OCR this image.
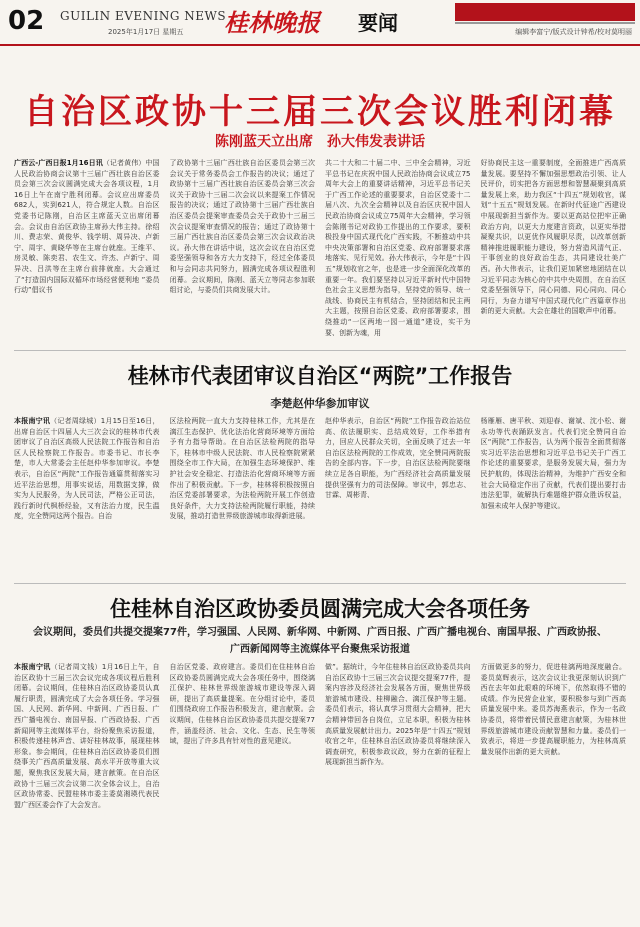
02 GUILIN EVENING NEWS
2025年1月17日 星期五 桂林晚报 要闻	编辑李富宁/版式设计钟希/校对莫明丽
自治区政协十三届三次会议胜利闭幕
陈刚蓝天立出席　孙大伟发表讲话

广西云-广西日报1月16日讯（记者黄伟）中国人民政治协商会议第十三届广西壮族自治区委员会第三次会议圆满完成大会各项议程，1月16日上午在南宁胜利闭幕。会议应出席委员682人，实到621人，符合规定人数。自治区党委书记陈刚，自治区主席蓝天立出席闭幕会。会议由自治区政协主席孙大伟主持。徐绍川、费志荣、黄俊华、钱学明、周异决、卢新宁、周宇、黄晓华等在主席台就座。王维平、房灵敏、陈奕君、农生文、许杰、卢新宁、周异决、吕洪等在主席台前排就座。大会通过了“打造国内国际双循环市场经营便利地 ”委员行动”倡议书

了政协第十三届广西壮族自治区委员会第三次会议关于常务委员会工作报告的决议；通过了政协第十三届广西壮族自治区委员会第三次会议关于政协十三届二次会议以来提案工作情况报告的决议；通过了政协第十三届广西壮族自治区委员会提案审查委员会关于政协十三届三次会议提案审查情况的报告；通过了政协第十三届广西壮族自治区委员会第三次会议政治决议。孙大伟在讲话中说，这次会议在自治区党委坚强领导和各方大力支持下，经过全体委员和与会同志共同努力，圆满完成各项议程胜利闭幕。会议期间，陈刚、蓝天立等同志参加联组讨论，与委员们共商发展大计。

共二十大和二十届二中、三中全会精神，习近平总书记在庆祝中国人民政治协商会议成立75周年大会上的重要讲话精神，习近平总书记关于广西工作论述的重要要求，自治区党委十二届八次、九次全会精神以及自治区庆祝中国人民政治协商会议成立75周年大会精神，学习领会陈刚书记对政协工作提出的工作要求，要积极投身中国式现代化广西实践，不断推动中共中央决策部署和自治区党委、政府部署要求落地落实、见行见效。孙大伟表示，今年是“十四五”规划收官之年，也是进一步全面深化改革的重要一年。我们要坚持以习近平新时代中国特色社会主义思想为指导，坚持党的领导、统一战线、协商民主有机结合，坚持团结和民主两大主题，按照自治区党委、政府部署要求，围绕推动“一区两地一园一通道”建设，实干为要、创新为魂，用

好协商民主这一重要制度，全面推进广西高质量发展。要坚持不懈加强思想政治引领、让人民评价，切实把各方面思想和智慧凝聚到高质量发展上来，助力我区“十四五”规划收官，谋划“十五五”规划发展。在新时代征途广西建设中展现新担当新作为。要以更高站位把牢正确政治方向，以更大力度建言资政，以更实举措凝聚共识，以更优作风履职尽责，以改革创新精神推进履职能力建设，努力营造风清气正、干事创业的良好政治生态，共同建设壮美广西。孙大伟表示，让我们更加紧密地团结在以习近平同志为核心的中共中央周围，在自治区党委坚强领导下，同心同德、同心同向、同心同行，为奋力谱写中国式现代化广西篇章作出新的更大贡献。大会在雄壮的国歌声中闭幕。

桂林市代表团审议自治区“两院”工作报告
李楚赵仲华参加审议

本报南宁讯（记者周绿城）1月15日至16日，出席自治区十四届人大三次会议的桂林市代表团审议了自治区高级人民法院工作报告和自治区人民检察院工作报告。市委书记、市长李楚，市人大常委会主任赵仲华参加审议。李楚表示，自治区“两院”工作报告通篇贯彻落实习近平法治思想，用事实说话，用数据支撑，做实为人民服务，为人民司法，严格公正司法，践行新时代枫桥经验，又有法治力度，民生温度，完全赞同这两个报告。自治

区法检两院一直大力支持桂林工作，尤其是在漓江生态保护、优化法治化营商环境等方面给予有力指导帮助。在自治区法检两院的指导下，桂林市中级人民法院、市人民检察院紧紧围绕全市工作大局，在加强生态环境保护、维护社会安全稳定、打造法治化营商环境等方面作出了积极贡献。下一步，桂林将积极按照自治区党委部署要求，为法检两院开展工作创造良好条件，大力支持法检两院履行职能，持续发展，推动打造世界级旅游城市取得新进展。

赵仲华表示，自治区“两院”工作报告政治站位高、依法履职实、总结成效好，工作举措有力，回应人民群众关切，全面反映了过去一年自治区法检两院的工作成效，完全赞同两院报告的全部内容。下一步，自治区法检两院要继续立足各自职能，为广西经济社会高质量发展提供坚强有力的司法保障。审议中，郭忠志、甘霖、周彬青、

杨雁雁、唐平秋、刘迎春、谢斌、沈小松、谢永功等代表踊跃发言。代表们完全赞同自治区“两院”工作报告，认为两个报告全面贯彻落实习近平法治思想和习近平总书记关于广西工作论述的重要要求，是服务发展大局，强力为民护航的，体现法治精神，为维护广西安全和社会大局稳定作出了贡献，代表们提出要打击违法犯罪，破解执行难题维护群众胜诉权益，加强未成年人保护等建议。

住桂林自治区政协委员圆满完成大会各项任务
会议期间，委员们共提交提案77件，学习强国、人民网、新华网、中新网、广西日报、广西广播电视台、南国早报、广西政协报、广西新闻网等主流媒体平台聚焦采访报道

本报南宁讯（记者周文钱）1月16日上午，自治区政协十三届三次会议完成各项议程后胜利闭幕。会议期间，住桂林自治区政协委员认真履行职责，圆满完成了大会各项任务。学习强国、人民网、新华网、中新网、广西日报、广西广播电视台、南国早报、广西政协报、广西新闻网等主流媒体平台，纷纷聚焦采访报道，积极传递桂林声音、讲好桂林故事，展现桂林形象。参会期间，住桂林自治区政协委员们围绕事关广西高质量发展、高水平开放等重大议题，聚焦我区发展大局，建言献策。在自治区政协十三届三次会议第二次全体会议上，自治区政协常委、民盟桂林市委主委莫湘瑛代表民盟广西区委会作了大会发言。

自治区党委、政府建言。委员们在住桂林自治区政协委员圆满完成大会各项任务中，围绕漓江保护、桂林世界级旅游城市建设等深入调研，提出了高质量提案。在分组讨论中，委员们围绕政府工作报告积极发言，建言献策。会议期间，住桂林自治区政协委员共提交提案77件，涵盖经济、社会、文化、生态、民生等领域，提出了许多具有针对性的意见建议。

做”。据统计，今年住桂林自治区政协委员共向自治区政协十三届三次会议提交提案77件，提案内容涉及经济社会发展各方面，聚焦世界级旅游城市建设、桂柳融合、漓江保护等主题。委员们表示，将认真学习贯彻大会精神，把大会精神带回各自岗位，立足本职，积极为桂林高质量发展献计出力。2025年是“十四五”规划收官之年，住桂林自治区政协委员将继续深入调查研究，积极参政议政，努力在新的征程上展现新担当新作为。

方面做更多的努力，促进桂漓两地深度融合。委员莫辉表示，这次会议让我更深刻认识到广西在去年如此艰难的环境下，依然取得不错的成绩。作为民营企业家，要积极参与到广西高质量发展中来。委员苏海燕表示，作为一名政协委员，将带着民情民意建言献策，为桂林世界级旅游城市建设贡献智慧和力量。委员们一致表示，将进一步提高履职能力，为桂林高质量发展作出新的更大贡献。
